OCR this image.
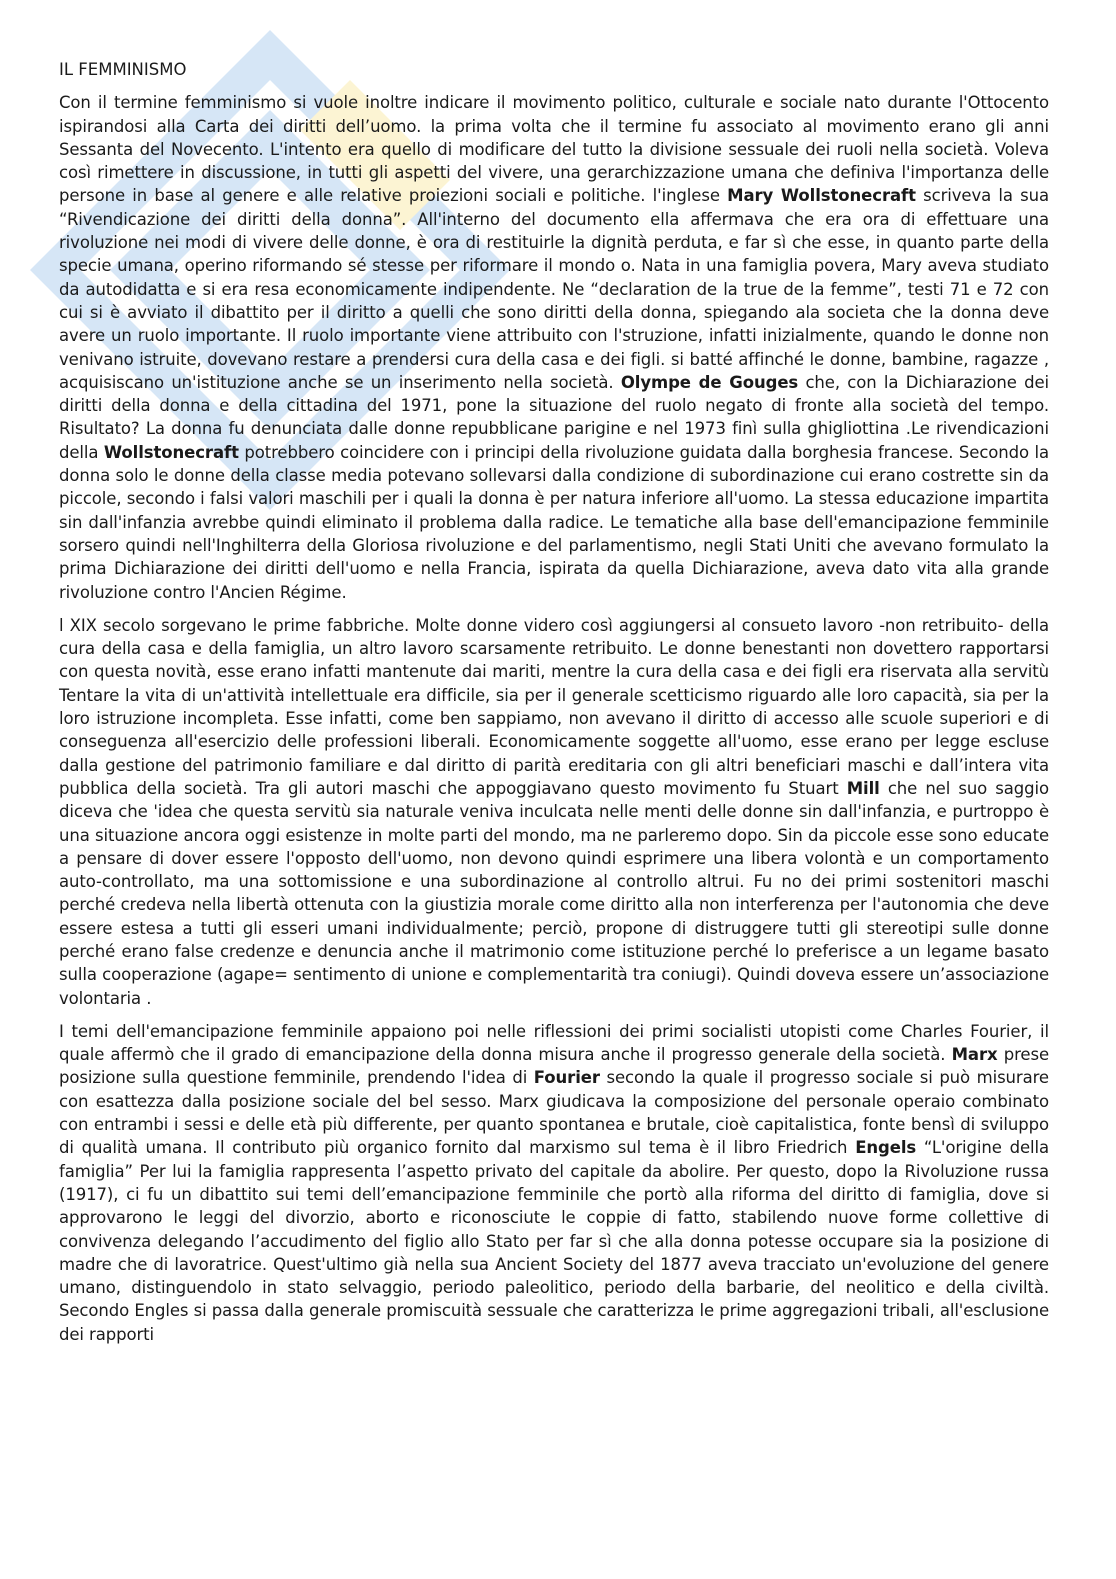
IL FEMMINISMO

Con il termine femminismo si vuole inoltre indicare il movimento politico, culturale e sociale nato durante l'Ottocento ispirandosi alla Carta dei diritti dell’uomo. la prima volta che il termine fu associato al movimento erano gli anni Sessanta del Novecento. L'intento era quello di modificare del tutto la divisione sessuale dei ruoli nella società. Voleva così rimettere in discussione, in tutti gli aspetti del vivere, una gerarchizzazione umana che definiva l'importanza delle persone in base al genere e alle relative proiezioni sociali e politiche. l'inglese Mary Wollstonecraft scriveva la sua “Rivendicazione dei diritti della donna”. All'interno del documento ella affermava che era ora di effettuare una rivoluzione nei modi di vivere delle donne, è ora di restituirle la dignità perduta, e far sì che esse, in quanto parte della specie umana, operino riformando sé stesse per riformare il mondo o. Nata in una famiglia povera, Mary aveva studiato da autodidatta e si era resa economicamente indipendente. Ne “declaration de la true de la femme”, testi 71 e 72 con cui si è avviato il dibattito per il diritto a quelli che sono diritti della donna, spiegando ala societa che la donna deve avere un ruolo importante. Il ruolo importante viene attribuito con l'struzione, infatti inizialmente, quando le donne non venivano istruite, dovevano restare a prendersi cura della casa e dei figli. si batté affinché le donne, bambine, ragazze , acquisiscano un'istituzione anche se un inserimento nella società. Olympe de Gouges che, con la Dichiarazione dei diritti della donna e della cittadina del 1971, pone la situazione del ruolo negato di fronte alla società del tempo. Risultato? La donna fu denunciata dalle donne repubblicane parigine e nel 1973 finì sulla ghigliottina .Le rivendicazioni della Wollstonecraft potrebbero coincidere con i principi della rivoluzione guidata dalla borghesia francese. Secondo la donna solo le donne della classe media potevano sollevarsi dalla condizione di subordinazione cui erano costrette sin da piccole, secondo i falsi valori maschili per i quali la donna è per natura inferiore all'uomo. La stessa educazione impartita sin dall'infanzia avrebbe quindi eliminato il problema dalla radice. Le tematiche alla base dell'emancipazione femminile sorsero quindi nell'Inghilterra della Gloriosa rivoluzione e del parlamentismo, negli Stati Uniti che avevano formulato la prima Dichiarazione dei diritti dell'uomo e nella Francia, ispirata da quella Dichiarazione, aveva dato vita alla grande rivoluzione contro l'Ancien Régime.

l XIX secolo sorgevano le prime fabbriche. Molte donne videro così aggiungersi al consueto lavoro -non retribuito- della cura della casa e della famiglia, un altro lavoro scarsamente retribuito. Le donne benestanti non dovettero rapportarsi con questa novità, esse erano infatti mantenute dai mariti, mentre la cura della casa e dei figli era riservata alla servitù Tentare la vita di un'attività intellettuale era difficile, sia per il generale scetticismo riguardo alle loro capacità, sia per la loro istruzione incompleta. Esse infatti, come ben sappiamo, non avevano il diritto di accesso alle scuole superiori e di conseguenza all'esercizio delle professioni liberali. Economicamente soggette all'uomo, esse erano per legge escluse dalla gestione del patrimonio familiare e dal diritto di parità ereditaria con gli altri beneficiari maschi e dall’intera vita pubblica della società. Tra gli autori maschi che appoggiavano questo movimento fu Stuart Mill che nel suo saggio diceva che 'idea che questa servitù sia naturale veniva inculcata nelle menti delle donne sin dall'infanzia, e purtroppo è una situazione ancora oggi esistenze in molte parti del mondo, ma ne parleremo dopo. Sin da piccole esse sono educate a pensare di dover essere l'opposto dell'uomo, non devono quindi esprimere una libera volontà e un comportamento auto-controllato, ma una sottomissione e una subordinazione al controllo altrui. Fu no dei primi sostenitori maschi perché credeva nella libertà ottenuta con la giustizia morale come diritto alla non interferenza per l'autonomia che deve essere estesa a tutti gli esseri umani individualmente; perciò, propone di distruggere tutti gli stereotipi sulle donne perché erano false credenze e denuncia anche il matrimonio come istituzione perché lo preferisce a un legame basato sulla cooperazione (agape= sentimento di unione e complementarità tra coniugi). Quindi doveva essere un’associazione volontaria .

I temi dell'emancipazione femminile appaiono poi nelle riflessioni dei primi socialisti utopisti come Charles Fourier, il quale affermò che il grado di emancipazione della donna misura anche il progresso generale della società. Marx prese posizione sulla questione femminile, prendendo l'idea di Fourier secondo la quale il progresso sociale si può misurare con esattezza dalla posizione sociale del bel sesso. Marx giudicava la composizione del personale operaio combinato con entrambi i sessi e delle età più differente, per quanto spontanea e brutale, cioè capitalistica, fonte bensì di sviluppo di qualità umana. Il contributo più organico fornito dal marxismo sul tema è il libro Friedrich Engels “L'origine della famiglia” Per lui la famiglia rappresenta l’aspetto privato del capitale da abolire. Per questo, dopo la Rivoluzione russa (1917), ci fu un dibattito sui temi dell’emancipazione femminile che portò alla riforma del diritto di famiglia, dove si approvarono le leggi del divorzio, aborto e riconosciute le coppie di fatto, stabilendo nuove forme collettive di convivenza delegando l’accudimento del figlio allo Stato per far sì che alla donna potesse occupare sia la posizione di madre che di lavoratrice. Quest'ultimo già nella sua Ancient Society del 1877 aveva tracciato un'evoluzione del genere umano, distinguendolo in stato selvaggio, periodo paleolitico, periodo della barbarie, del neolitico e della civiltà. Secondo Engles si passa dalla generale promiscuità sessuale che caratterizza le prime aggregazioni tribali, all'esclusione dei rapporti
